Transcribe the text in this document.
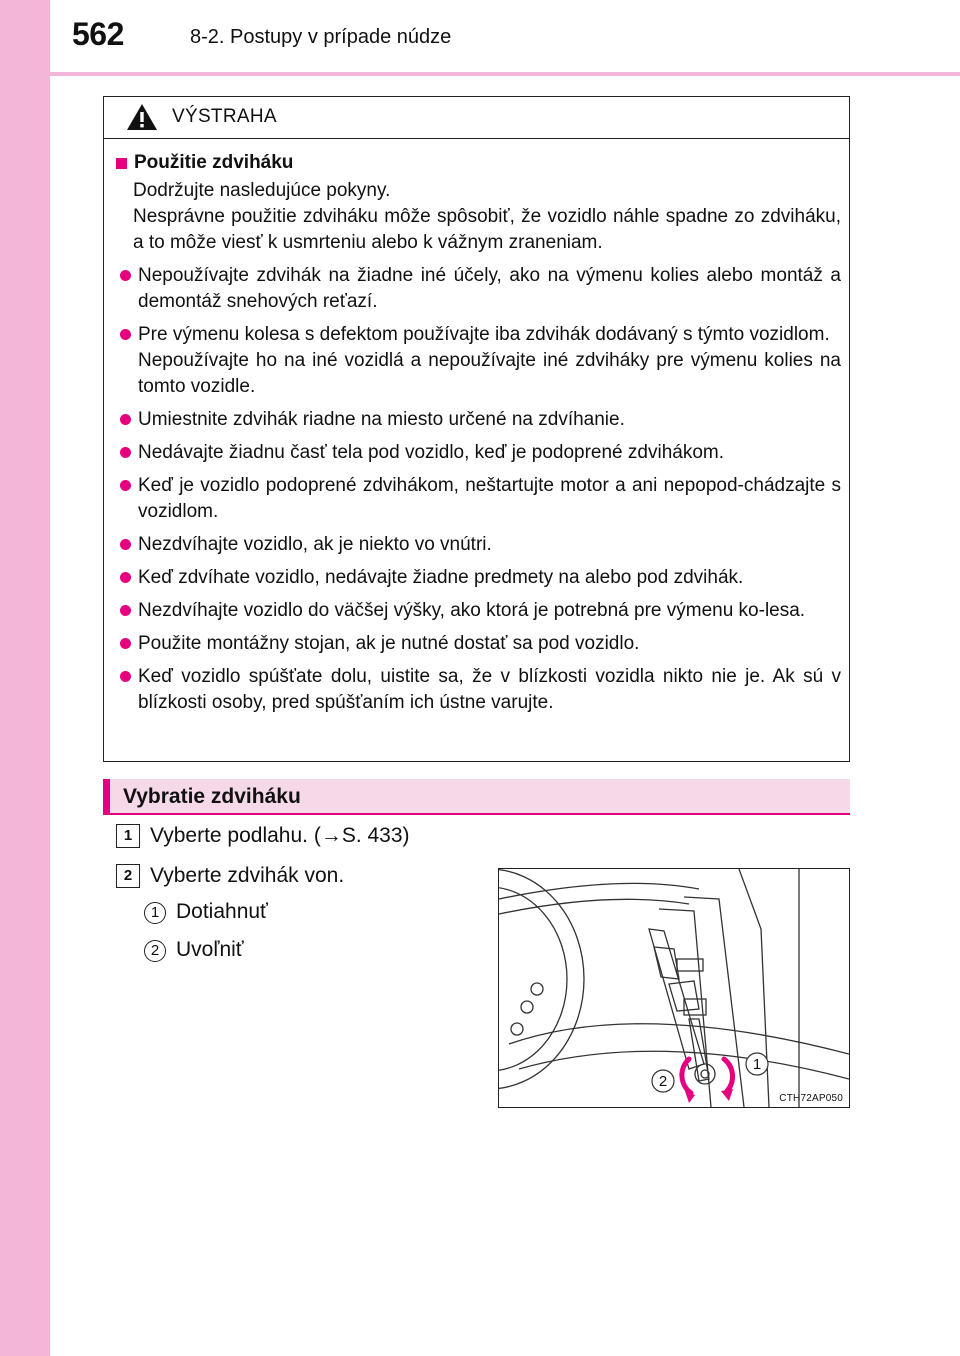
562	8-2. Postupy v prípade núdze
VÝSTRAHA
Použitie zdviháku
Dodržujte nasledujúce pokyny.
Nesprávne použitie zdviháku môže spôsobiť, že vozidlo náhle spadne zo zdviháku, a to môže viesť k usmrteniu alebo k vážnym zraneniam.
Nepoužívajte zdvihák na žiadne iné účely, ako na výmenu kolies alebo montáž a demontáž snehových reťazí.
Pre výmenu kolesa s defektom používajte iba zdvihák dodávaný s týmto vozidlom.
Nepoužívajte ho na iné vozidlá a nepoužívajte iné zdviháky pre výmenu kolies na tomto vozidle.
Umiestnite zdvihák riadne na miesto určené na zdvíhanie.
Nedávajte žiadnu časť tela pod vozidlo, keď je podoprené zdvihákom.
Keď je vozidlo podoprené zdvihákom, neštartujte motor a ani nepopod-chádzajte s vozidlom.
Nezdvíhajte vozidlo, ak je niekto vo vnútri.
Keď zdvíhate vozidlo, nedávajte žiadne predmety na alebo pod zdvihák.
Nezdvíhajte vozidlo do väčšej výšky, ako ktorá je potrebná pre výmenu ko-lesa.
Použite montážny stojan, ak je nutné dostať sa pod vozidlo.
Keď vozidlo spúšťate dolu, uistite sa, že v blízkosti vozidla nikto nie je. Ak sú v blízkosti osoby, pred spúšťaním ich ústne varujte.
Vybratie zdviháku
1 Vyberte podlahu. (→S. 433)
2 Vyberte zdvihák von.
1 Dotiahnuť
2 Uvoľniť
1
2
CTH72AP050
